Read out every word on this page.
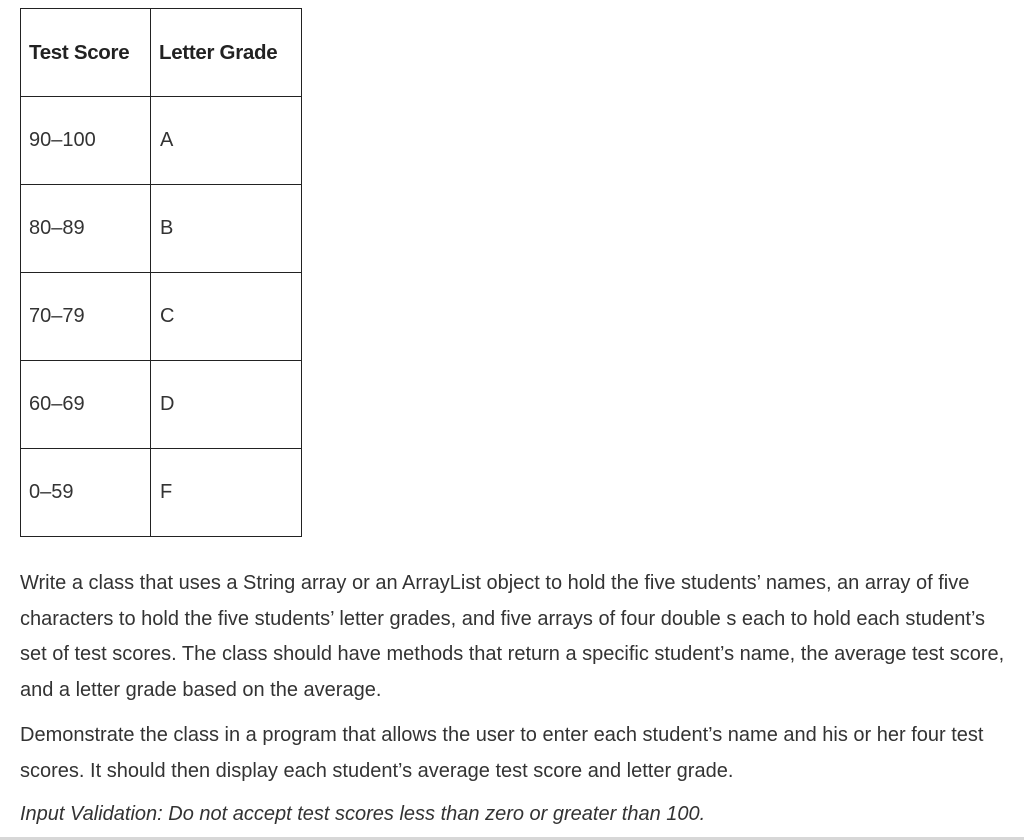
Test Score	Letter Grade
90–100	A
80–89	B
70–79	C
60–69	D
0–59	F

Write a class that uses a String array or an ArrayList object to hold the five students’ names, an array of five characters to hold the five students’ letter grades, and five arrays of four double s each to hold each student’s set of test scores. The class should have methods that return a specific student’s name, the average test score, and a letter grade based on the average.

Demonstrate the class in a program that allows the user to enter each student’s name and his or her four test scores. It should then display each student’s average test score and letter grade.

Input Validation: Do not accept test scores less than zero or greater than 100.
